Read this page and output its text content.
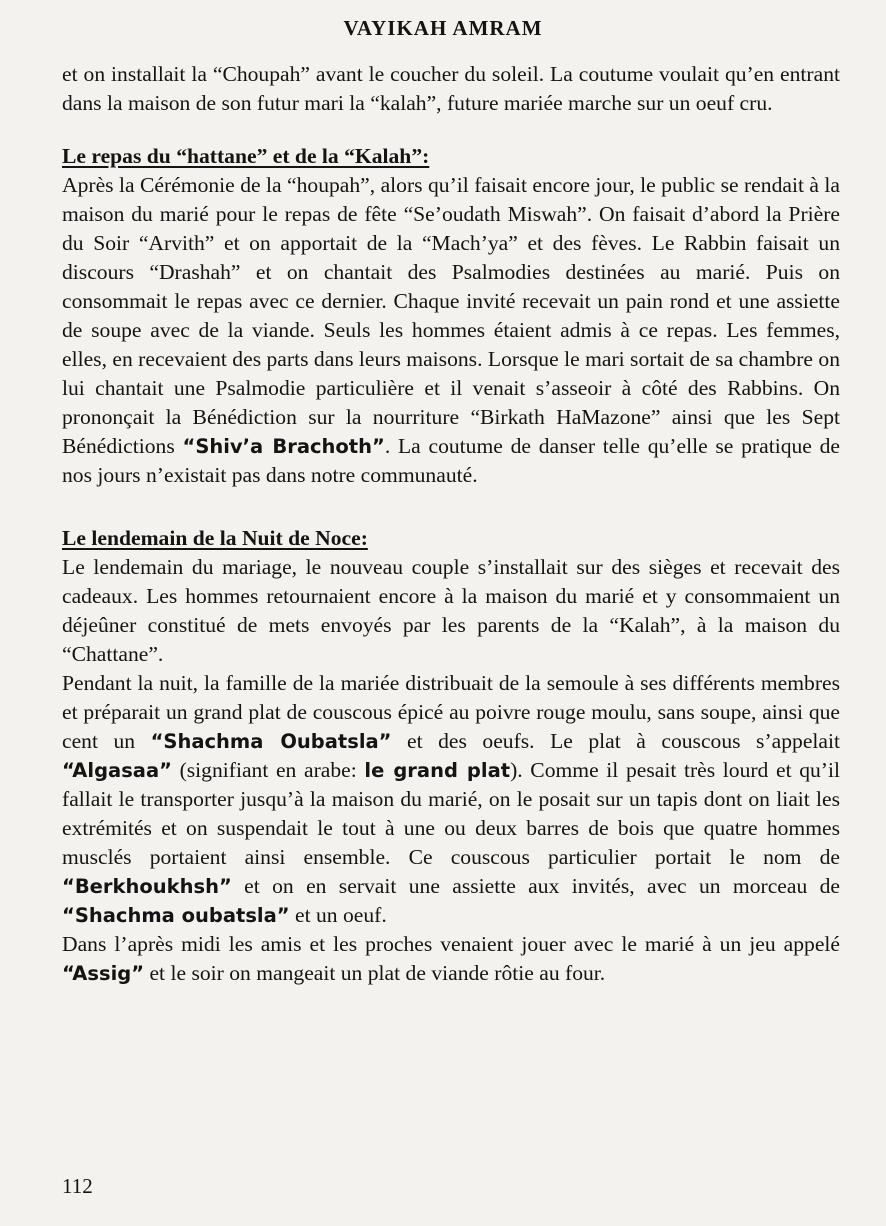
VAYIKAH AMRAM

et on installait la “Choupah” avant le coucher du soleil. La coutume voulait qu’en entrant dans la maison de son futur mari la “kalah”, future mariée marche sur un oeuf cru.

Le repas du “hattane” et de la “Kalah”:

Après la Cérémonie de la “houpah”, alors qu’il faisait encore jour, le public se rendait à la maison du marié pour le repas de fête “Se’oudath Miswah”. On faisait d’abord la Prière du Soir “Arvith” et on apportait de la “Mach’ya” et des fèves. Le Rabbin faisait un discours “Drashah” et on chantait des Psalmodies destinées au marié. Puis on consommait le repas avec ce dernier. Chaque invité recevait un pain rond et une assiette de soupe avec de la viande. Seuls les hommes étaient admis à ce repas. Les femmes, elles, en recevaient des parts dans leurs maisons. Lorsque le mari sortait de sa chambre on lui chantait une Psalmodie particulière et il venait s’asseoir à côté des Rabbins. On prononçait la Bénédiction sur la nourriture “Birkath HaMazone” ainsi que les Sept Bénédictions “Shiv’a Brachoth”. La coutume de danser telle qu’elle se pratique de nos jours n’existait pas dans notre communauté.

Le lendemain de la Nuit de Noce:

Le lendemain du mariage, le nouveau couple s’installait sur des sièges et recevait des cadeaux. Les hommes retournaient encore à la maison du marié et y consommaient un déjeûner constitué de mets envoyés par les parents de la “Kalah”, à la maison du “Chattane”.

Pendant la nuit, la famille de la mariée distribuait de la semoule à ses différents membres et préparait un grand plat de couscous épicé au poivre rouge moulu, sans soupe, ainsi que cent un “Shachma Oubatsla” et des oeufs. Le plat à couscous s’appelait “Algasaa” (signifiant en arabe: le grand plat). Comme il pesait très lourd et qu’il fallait le transporter jusqu’à la maison du marié, on le posait sur un tapis dont on liait les extrémités et on suspendait le tout à une ou deux barres de bois que quatre hommes musclés portaient ainsi ensemble. Ce couscous particulier portait le nom de “Berkhoukhsh” et on en servait une assiette aux invités, avec un morceau de “Shachma oubatsla” et un oeuf.

Dans l’après midi les amis et les proches venaient jouer avec le marié à un jeu appelé “Assig” et le soir on mangeait un plat de viande rôtie au four.

112
